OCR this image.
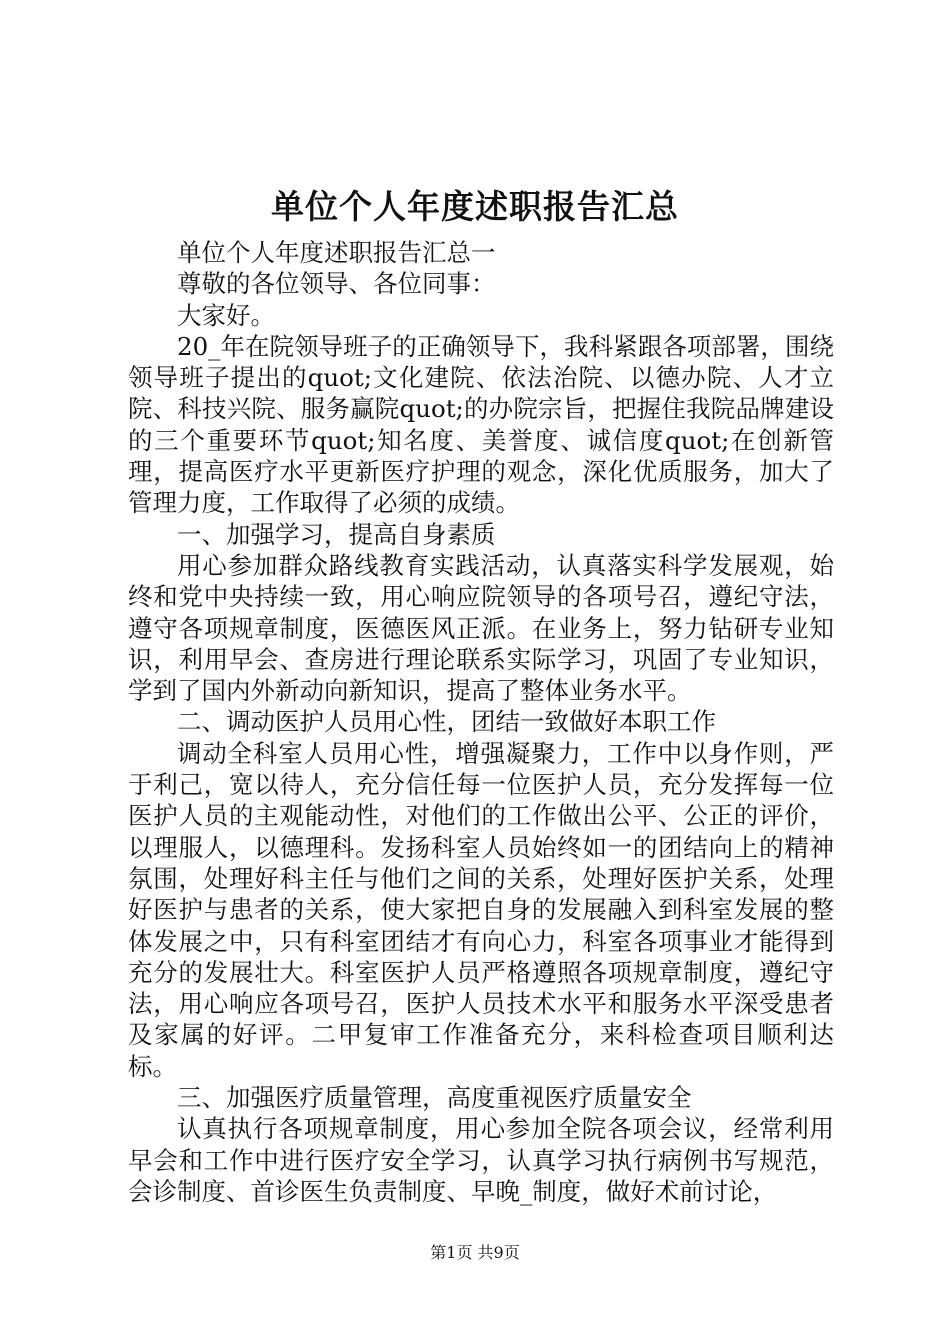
单位个人年度述职报告汇总

单位个人年度述职报告汇总一

尊敬的各位领导、各位同事：

大家好。

20_年在院领导班子的正确领导下，我科紧跟各项部署，围绕领导班子提出的quot;文化建院、依法治院、以德办院、人才立院、科技兴院、服务赢院quot;的办院宗旨，把握住我院品牌建设的三个重要环节quot;知名度、美誉度、诚信度quot;在创新管理，提高医疗水平更新医疗护理的观念，深化优质服务，加大了管理力度，工作取得了必须的成绩。

一、加强学习，提高自身素质

用心参加群众路线教育实践活动，认真落实科学发展观，始终和党中央持续一致，用心响应院领导的各项号召，遵纪守法，遵守各项规章制度，医德医风正派。在业务上，努力钻研专业知识，利用早会、查房进行理论联系实际学习，巩固了专业知识，学到了国内外新动向新知识，提高了整体业务水平。

二、调动医护人员用心性，团结一致做好本职工作

调动全科室人员用心性，增强凝聚力，工作中以身作则，严于利己，宽以待人，充分信任每一位医护人员，充分发挥每一位医护人员的主观能动性，对他们的工作做出公平、公正的评价，以理服人，以德理科。发扬科室人员始终如一的团结向上的精神氛围，处理好科主任与他们之间的关系，处理好医护关系，处理好医护与患者的关系，使大家把自身的发展融入到科室发展的整体发展之中，只有科室团结才有向心力，科室各项事业才能得到充分的发展壮大。科室医护人员严格遵照各项规章制度，遵纪守法，用心响应各项号召，医护人员技术水平和服务水平深受患者及家属的好评。二甲复审工作准备充分，来科检查项目顺利达标。

三、加强医疗质量管理，高度重视医疗质量安全

认真执行各项规章制度，用心参加全院各项会议，经常利用早会和工作中进行医疗安全学习，认真学习执行病例书写规范，会诊制度、首诊医生负责制度、早晚_制度，做好术前讨论，

第1页 共9页
